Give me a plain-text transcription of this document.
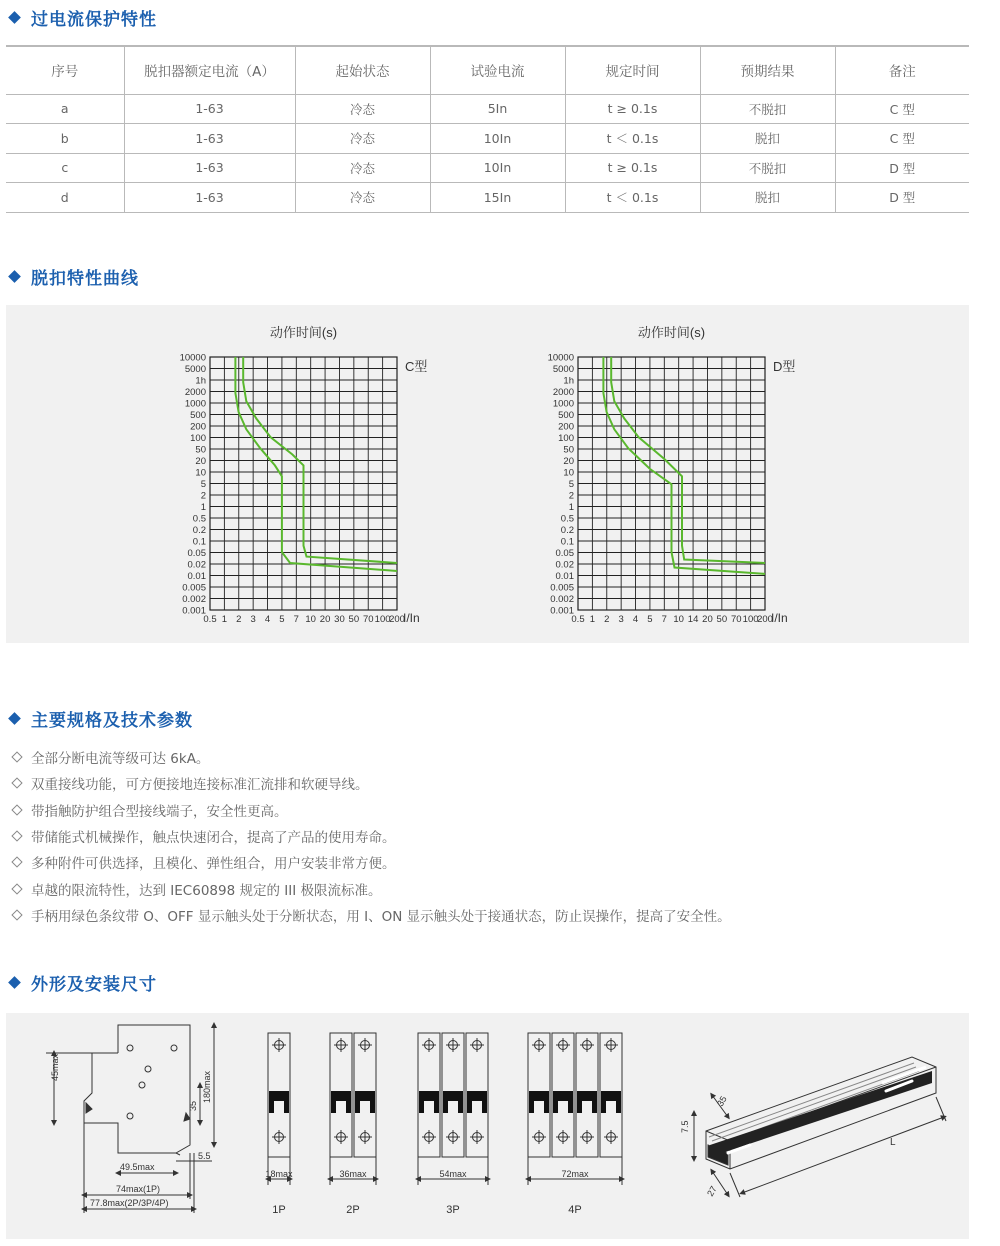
过电流保护特性
序号	脱扣器额定电流（A）	起始状态	试验电流	规定时间	预期结果	备注
a	1-63	冷态	5In	t ≥ 0.1s	不脱扣	C 型
b	1-63	冷态	10In	t ＜ 0.1s	脱扣	C 型
c	1-63	冷态	10In	t ≥ 0.1s	不脱扣	D 型
d	1-63	冷态	15In	t ＜ 0.1s	脱扣	D 型
脱扣特性曲线
动作时间(s)
C型
0.5 1 2 3 4 5 7 10 20 30 50 70 100
200
10000
5000
1h
2000
1000
500
200
100
50
20
10
5
2
1
0.5
0.2
0.1
0.05
0.02
0.01
0.005
0.002
0.001	I/In
动作时间(s)
D型
0.5 1 2 3 4 5 7 10 14 20 50 70 100
200
10000
5000
1h
2000
1000
500
200
100
50
20
10
5
2
1
0.5
0.2
0.1
0.05
0.02
0.01
0.005
0.002
0.001	I/In
主要规格及技术参数
全部分断电流等级可达 6kA。
双重接线功能，可方便接地连接标准汇流排和软硬导线。
带指触防护组合型接线端子，安全性更高。
带储能式机械操作，触点快速闭合，提高了产品的使用寿命。
多种附件可供选择，且模化、弹性组合，用户安装非常方便。
卓越的限流特性，达到 IEC60898 规定的 III 极限流标准。
手柄用绿色条纹带 O、OFF 显示触头处于分断状态，用 I、ON 显示触头处于接通状态，防止误操作，提高了安全性。
外形及安装尺寸
45max
35
180max
49.5max
5.5
74max(1P)
77.8max(2P/3P/4P)
18max
1P
36max
2P
54max
3P
72max
4P
7.5
35
27
L
